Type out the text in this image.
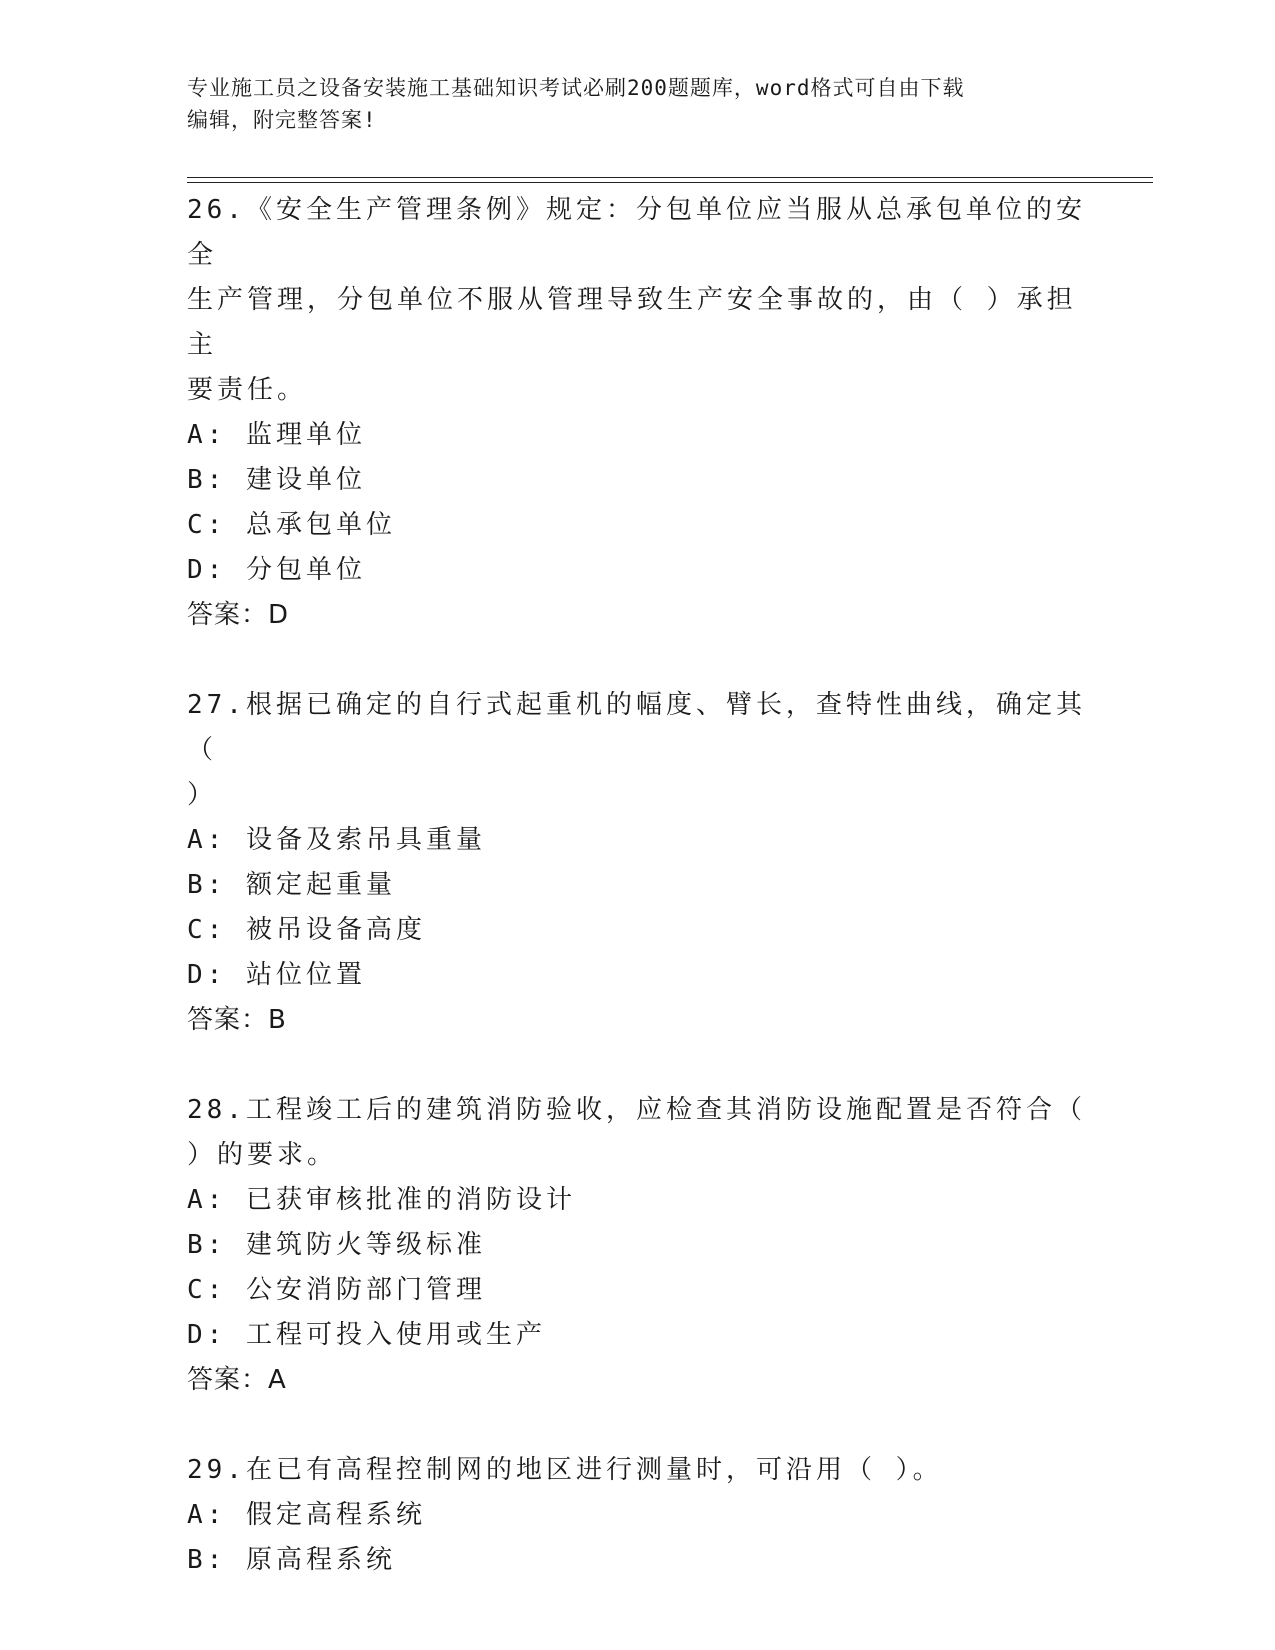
专业施工员之设备安装施工基础知识考试必刷200题题库，word格式可自由下载
编辑，附完整答案!
26.《安全生产管理条例》规定：分包单位应当服从总承包单位的安全
生产管理，分包单位不服从管理导致生产安全事故的，由（ ）承担主
要责任。
A: 监理单位
B: 建设单位
C: 总承包单位
D: 分包单位
答案：D
27.根据已确定的自行式起重机的幅度、臂长，查特性曲线，确定其（
）
A: 设备及索吊具重量
B: 额定起重量
C: 被吊设备高度
D: 站位位置
答案：B
28.工程竣工后的建筑消防验收，应检查其消防设施配置是否符合（
）的要求。
A: 已获审核批准的消防设计
B: 建筑防火等级标准
C: 公安消防部门管理
D: 工程可投入使用或生产
答案：A
29.在已有高程控制网的地区进行测量时，可沿用（ ）。
A: 假定高程系统
B: 原高程系统
